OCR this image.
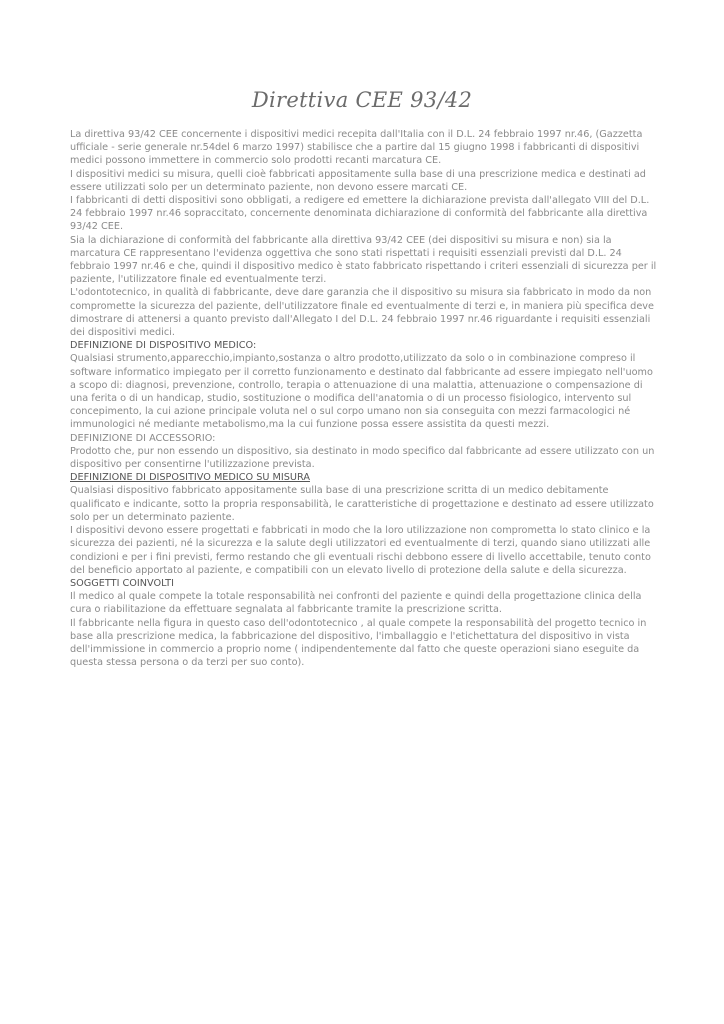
Direttiva CEE 93/42

La direttiva 93/42 CEE concernente i dispositivi medici recepita dall'Italia con il D.L. 24 febbraio 1997 nr.46, (Gazzetta ufficiale - serie generale nr.54del 6 marzo 1997) stabilisce che a partire dal 15 giugno 1998 i fabbricanti di dispositivi medici possono immettere in commercio solo prodotti recanti marcatura CE.

I dispositivi medici su misura, quelli cioè fabbricati appositamente sulla base di una prescrizione medica e destinati ad essere utilizzati solo per un determinato paziente, non devono essere marcati CE.

I fabbricanti di detti dispositivi sono obbligati, a redigere ed emettere la dichiarazione prevista dall'allegato VIII del D.L. 24 febbraio 1997 nr.46 sopraccitato, concernente denominata dichiarazione di conformità del fabbricante alla direttiva 93/42 CEE.

Sia la dichiarazione di conformità del fabbricante alla direttiva 93/42 CEE (dei dispositivi su misura e non) sia la marcatura CE rappresentano l'evidenza oggettiva che sono stati rispettati i requisiti essenziali previsti dal D.L. 24 febbraio 1997 nr.46 e che, quindi il dispositivo medico è stato fabbricato rispettando i criteri essenziali di sicurezza per il paziente, l'utilizzatore finale ed eventualmente terzi.

L'odontotecnico, in qualità di fabbricante, deve dare garanzia che il dispositivo su misura sia fabbricato in modo da non compromette la sicurezza del paziente, dell'utilizzatore finale ed eventualmente di terzi e, in maniera più specifica deve dimostrare di attenersi a quanto previsto dall'Allegato I del D.L. 24 febbraio 1997 nr.46 riguardante i requisiti essenziali dei dispositivi medici.

DEFINIZIONE DI DISPOSITIVO MEDICO:

Qualsiasi strumento,apparecchio,impianto,sostanza o altro prodotto,utilizzato da solo o in combinazione compreso il software informatico impiegato per il corretto funzionamento e destinato dal fabbricante ad essere impiegato nell'uomo a scopo di: diagnosi, prevenzione, controllo, terapia o attenuazione di una malattia, attenuazione o compensazione di una ferita o di un handicap, studio, sostituzione o modifica dell'anatomia o di un processo fisiologico, intervento sul concepimento, la cui azione principale voluta nel o sul corpo umano non sia conseguita con mezzi farmacologici né immunologici né mediante metabolismo,ma la cui funzione possa essere assistita da questi mezzi.

DEFINIZIONE DI ACCESSORIO:

Prodotto che, pur non essendo un dispositivo, sia destinato in modo specifico dal fabbricante ad essere utilizzato con un dispositivo per consentirne l'utilizzazione prevista.

DEFINIZIONE DI DISPOSITIVO MEDICO SU MISURA

Qualsiasi dispositivo fabbricato appositamente sulla base di una prescrizione scritta di un medico debitamente qualificato e indicante, sotto la propria responsabilità, le caratteristiche di progettazione e destinato ad essere utilizzato solo per un determinato paziente.

I dispositivi devono essere progettati e fabbricati in modo che la loro utilizzazione non comprometta lo stato clinico e la sicurezza dei pazienti, né la sicurezza e la salute degli utilizzatori ed eventualmente di terzi, quando siano utilizzati alle condizioni e per i fini previsti, fermo restando che gli eventuali rischi debbono essere di livello accettabile, tenuto conto del beneficio apportato al paziente, e compatibili con un elevato livello di protezione della salute e della sicurezza.

SOGGETTI COINVOLTI

Il medico al quale compete la totale responsabilità nei confronti del paziente e quindi della progettazione clinica della cura o riabilitazione da effettuare segnalata al fabbricante tramite la prescrizione scritta.

Il fabbricante nella figura in questo caso dell'odontotecnico , al quale compete la responsabilità del progetto tecnico in base alla prescrizione medica, la fabbricazione del dispositivo, l'imballaggio e l'etichettatura del dispositivo in vista dell'immissione in commercio a proprio nome ( indipendentemente dal fatto che queste operazioni siano eseguite da questa stessa persona o da terzi per suo conto).
